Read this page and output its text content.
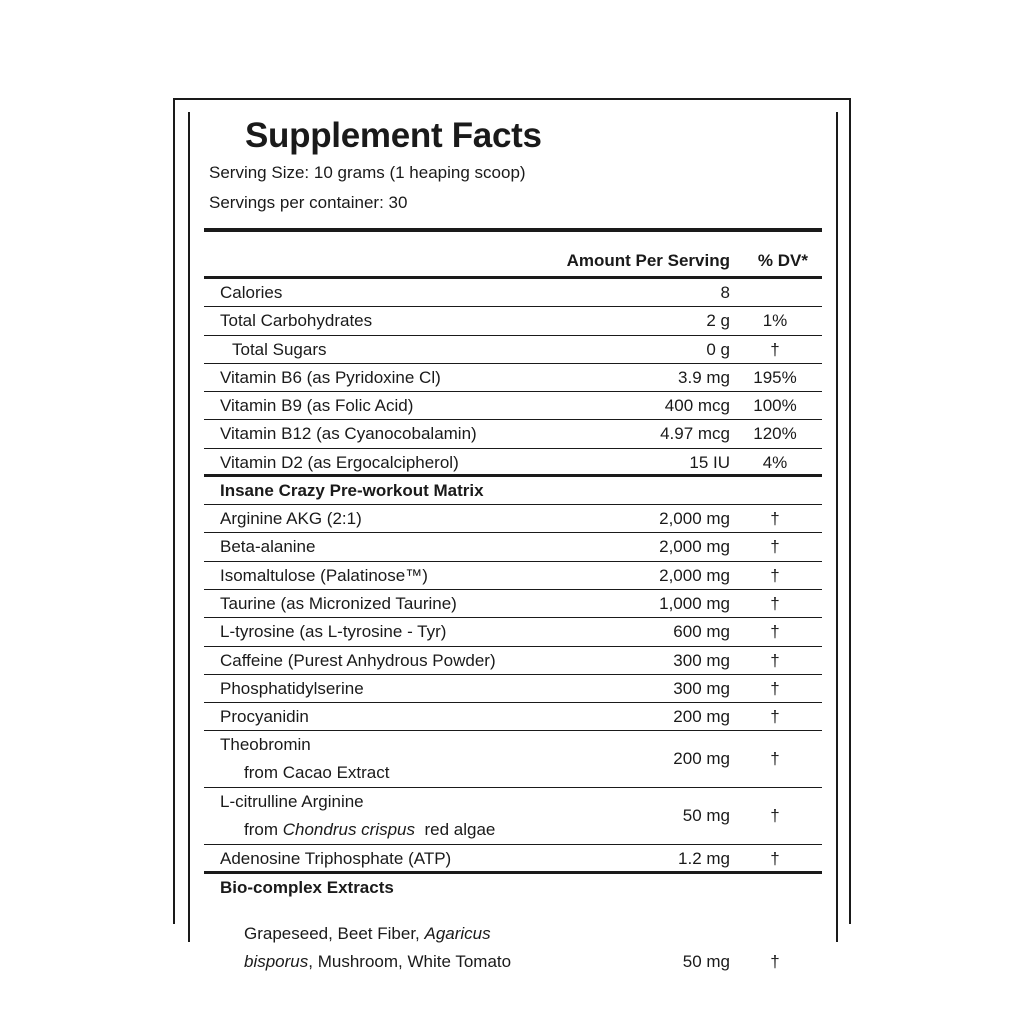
Supplement Facts
Serving Size: 10 grams (1 heaping scoop)
Servings per container: 30
Amount Per Serving % DV*
Calories	8
Total Carbohydrates	2 g	1%
Total Sugars	0 g	†
Vitamin B6 (as Pyridoxine Cl)	3.9 mg	195%
Vitamin B9 (as Folic Acid)	400 mcg	100%
Vitamin B12 (as Cyanocobalamin)	4.97 mcg	120%
Vitamin D2 (as Ergocalcipherol)	15 IU	4%
Insane Crazy Pre-workout Matrix
Arginine AKG (2:1)	2,000 mg	†
Beta-alanine	2,000 mg	†
Isomaltulose (Palatinose™)	2,000 mg	†
Taurine (as Micronized Taurine)	1,000 mg	†
L-tyrosine (as L-tyrosine - Tyr)	600 mg	†
Caffeine (Purest Anhydrous Powder)	300 mg	†
Phosphatidylserine	300 mg	†
Procyanidin	200 mg	†
Theobromin
from Cacao Extract
200 mg	†
L-citrulline Arginine
from Chondrus crispus red algae
50 mg	†
Adenosine Triphosphate (ATP)	1.2 mg	†
Bio-complex Extracts
Grapeseed, Beet Fiber, Agaricus
bisporus, Mushroom, White Tomato	50 mg	†
